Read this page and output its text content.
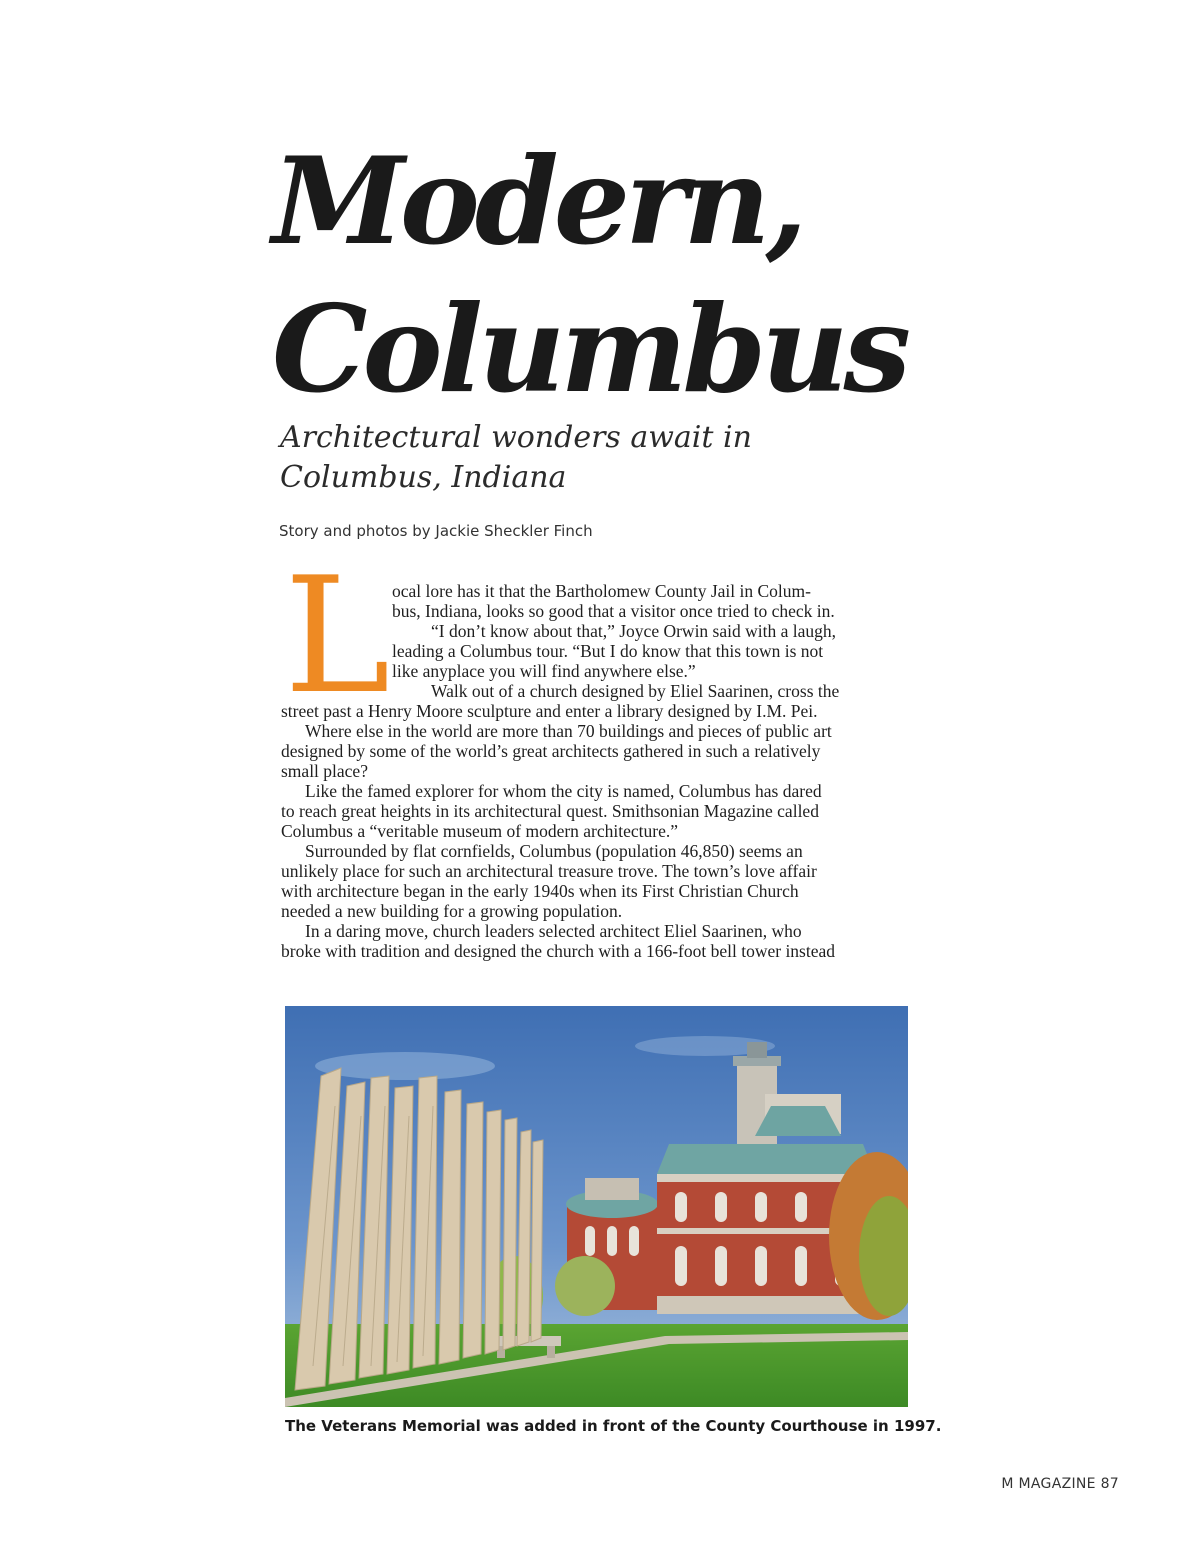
Modern,
Columbus
Architectural wonders await in
Columbus, Indiana
Story and photos by Jackie Sheckler Finch
L ocal lore has it that the Bartholomew County Jail in Colum-
bus, Indiana, looks so good that a visitor once tried to check in.
“I don’t know about that,” Joyce Orwin said with a laugh,
leading a Columbus tour. “But I do know that this town is not
like anyplace you will find anywhere else.”
Walk out of a church designed by Eliel Saarinen, cross the
street past a Henry Moore sculpture and enter a library designed by I.M. Pei.
Where else in the world are more than 70 buildings and pieces of public art
designed by some of the world’s great architects gathered in such a relatively
small place?
Like the famed explorer for whom the city is named, Columbus has dared
to reach great heights in its architectural quest. Smithsonian Magazine called
Columbus a “veritable museum of modern architecture.”
Surrounded by flat cornfields, Columbus (population 46,850) seems an
unlikely place for such an architectural treasure trove. The town’s love affair
with architecture began in the early 1940s when its First Christian Church
needed a new building for a growing population.
In a daring move, church leaders selected architect Eliel Saarinen, who
broke with tradition and designed the church with a 166-foot bell tower instead
The Veterans Memorial was added in front of the County Courthouse in 1997.
M MAGAZINE 87
